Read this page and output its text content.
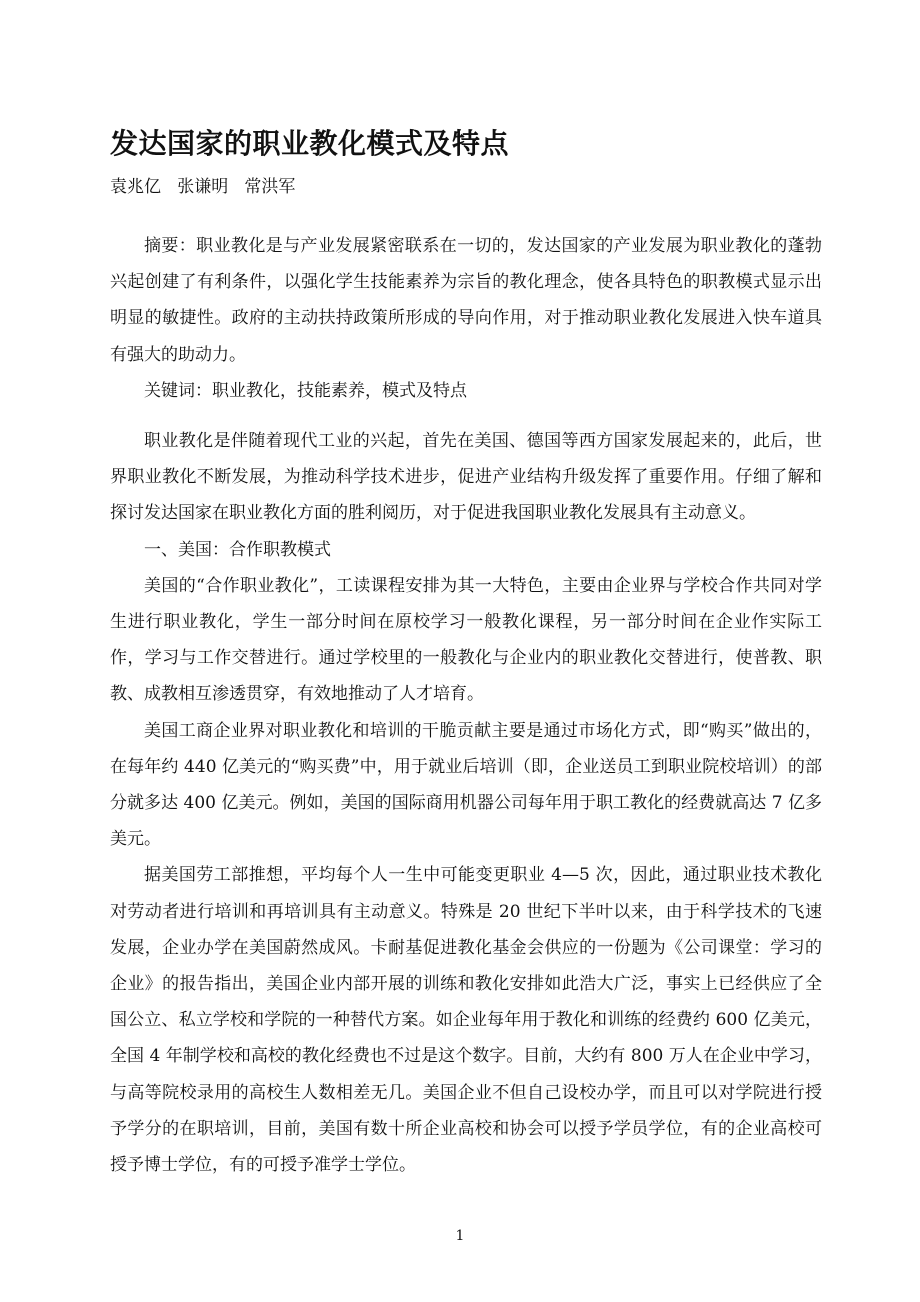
发达国家的职业教化模式及特点

袁兆亿   张谦明   常洪军

摘要：职业教化是与产业发展紧密联系在一切的，发达国家的产业发展为职业教化的蓬勃兴起创建了有利条件，以强化学生技能素养为宗旨的教化理念，使各具特色的职教模式显示出明显的敏捷性。政府的主动扶持政策所形成的导向作用，对于推动职业教化发展进入快车道具有强大的助动力。

关键词：职业教化，技能素养，模式及特点

职业教化是伴随着现代工业的兴起，首先在美国、德国等西方国家发展起来的，此后，世界职业教化不断发展，为推动科学技术进步，促进产业结构升级发挥了重要作用。仔细了解和探讨发达国家在职业教化方面的胜利阅历，对于促进我国职业教化发展具有主动意义。

一、美国：合作职教模式

美国的“合作职业教化”，工读课程安排为其一大特色，主要由企业界与学校合作共同对学生进行职业教化，学生一部分时间在原校学习一般教化课程，另一部分时间在企业作实际工作，学习与工作交替进行。通过学校里的一般教化与企业内的职业教化交替进行，使普教、职教、成教相互渗透贯穿，有效地推动了人才培育。

美国工商企业界对职业教化和培训的干脆贡献主要是通过市场化方式，即“购买”做出的，在每年约 440 亿美元的“购买费”中，用于就业后培训（即，企业送员工到职业院校培训）的部分就多达 400 亿美元。例如，美国的国际商用机器公司每年用于职工教化的经费就高达 7 亿多美元。

据美国劳工部推想，平均每个人一生中可能变更职业 4—5 次，因此，通过职业技术教化对劳动者进行培训和再培训具有主动意义。特殊是 20 世纪下半叶以来，由于科学技术的飞速发展，企业办学在美国蔚然成风。卡耐基促进教化基金会供应的一份题为《公司课堂：学习的企业》的报告指出，美国企业内部开展的训练和教化安排如此浩大广泛，事实上已经供应了全国公立、私立学校和学院的一种替代方案。如企业每年用于教化和训练的经费约 600 亿美元，全国 4 年制学校和高校的教化经费也不过是这个数字。目前，大约有 800 万人在企业中学习，与高等院校录用的高校生人数相差无几。美国企业不但自己设校办学，而且可以对学院进行授予学分的在职培训，目前，美国有数十所企业高校和协会可以授予学员学位，有的企业高校可授予博士学位，有的可授予准学士学位。

1
